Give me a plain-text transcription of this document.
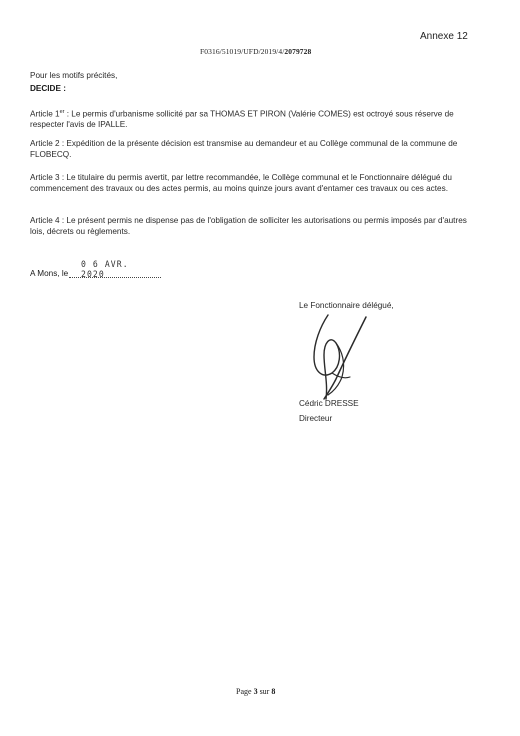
Annexe 12
F0316/51019/UFD/2019/4/2079728
Pour les motifs précités,
DECIDE :
Article 1er : Le permis d'urbanisme sollicité par sa THOMAS ET PIRON (Valérie COMES) est octroyé sous réserve de respecter l'avis de IPALLE.
Article 2 : Expédition de la présente décision est transmise au demandeur et au Collège communal de la commune de FLOBECQ.
Article 3 : Le titulaire du permis avertit, par lettre recommandée, le Collège communal et le Fonctionnaire délégué du commencement des travaux ou des actes permis, au moins quinze jours avant d'entamer ces travaux ou ces actes.
Article 4 : Le présent permis ne dispense pas de l'obligation de solliciter les autorisations ou permis imposés par d'autres lois, décrets ou règlements.
A Mons, le
0 6 AVR. 2020
Le Fonctionnaire délégué,
Cédric DRESSE
Directeur
Page 3 sur 8
